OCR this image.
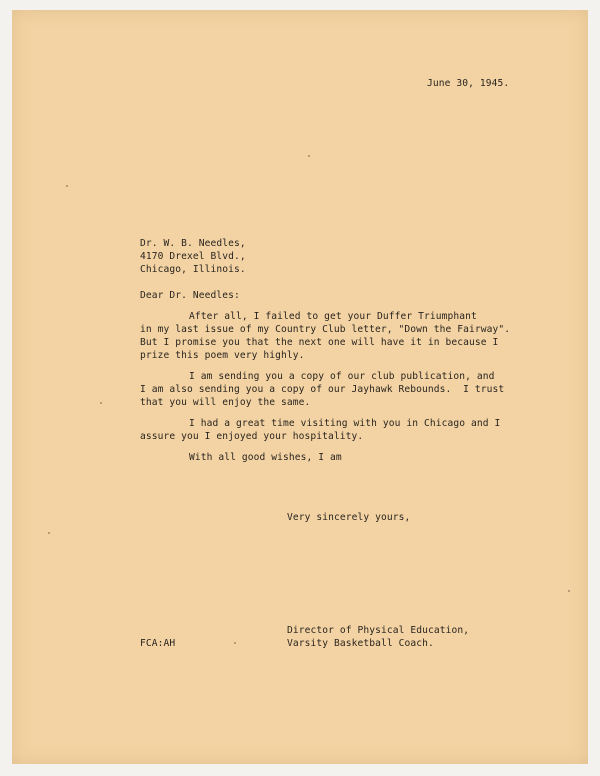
June 30, 1945.
Dr. W. B. Needles,
4170 Drexel Blvd.,
Chicago, Illinois.
Dear Dr. Needles:
After all, I failed to get your Duffer Triumphant
in my last issue of my Country Club letter, "Down the Fairway".
But I promise you that the next one will have it in because I
prize this poem very highly.
I am sending you a copy of our club publication, and
I am also sending you a copy of our Jayhawk Rebounds.  I trust
that you will enjoy the same.
I had a great time visiting with you in Chicago and I
assure you I enjoyed your hospitality.
With all good wishes, I am
Very sincerely yours,
Director of Physical Education,
Varsity Basketball Coach.
FCA:AH
